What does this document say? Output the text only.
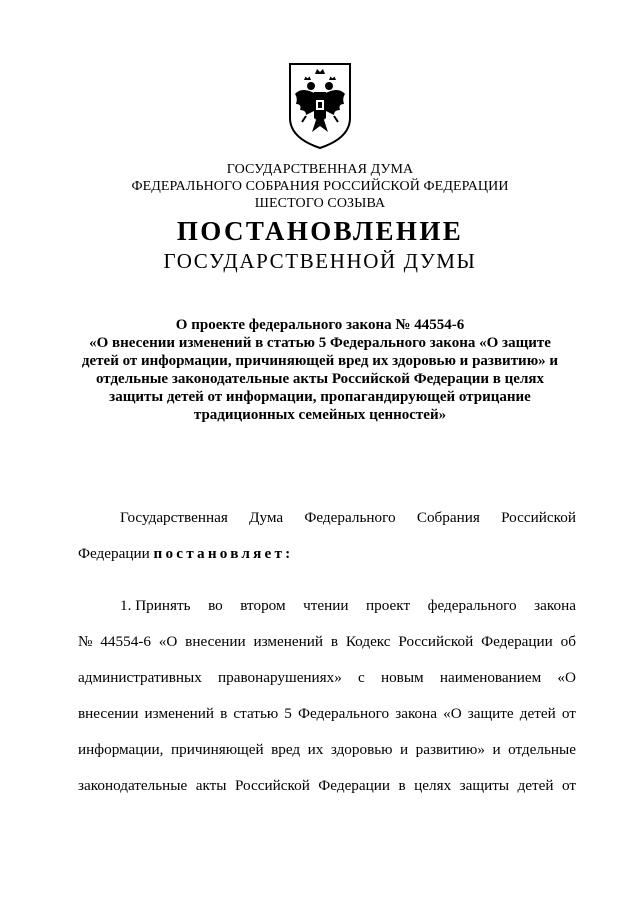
ГОСУДАРСТВЕННАЯ ДУМА
ФЕДЕРАЛЬНОГО СОБРАНИЯ РОССИЙСКОЙ ФЕДЕРАЦИИ
ШЕСТОГО СОЗЫВА
ПОСТАНОВЛЕНИЕ
ГОСУДАРСТВЕННОЙ ДУМЫ
О проекте федерального закона № 44554-6
«О внесении изменений в статью 5 Федерального закона «О защите
детей от информации, причиняющей вред их здоровью и развитию» и
отдельные законодательные акты Российской Федерации в целях
защиты детей от информации, пропагандирующей отрицание
традиционных семейных ценностей»
Государственная Дума Федерального Собрания Российской
Федерации постановляет:
1. Принять во втором чтении проект федерального закона
№ 44554-6 «О внесении изменений в Кодекс Российской Федерации об
административных правонарушениях» с новым наименованием «О
внесении изменений в статью 5 Федерального закона «О защите детей от
информации, причиняющей вред их здоровью и развитию» и отдельные
законодательные акты Российской Федерации в целях защиты детей от
